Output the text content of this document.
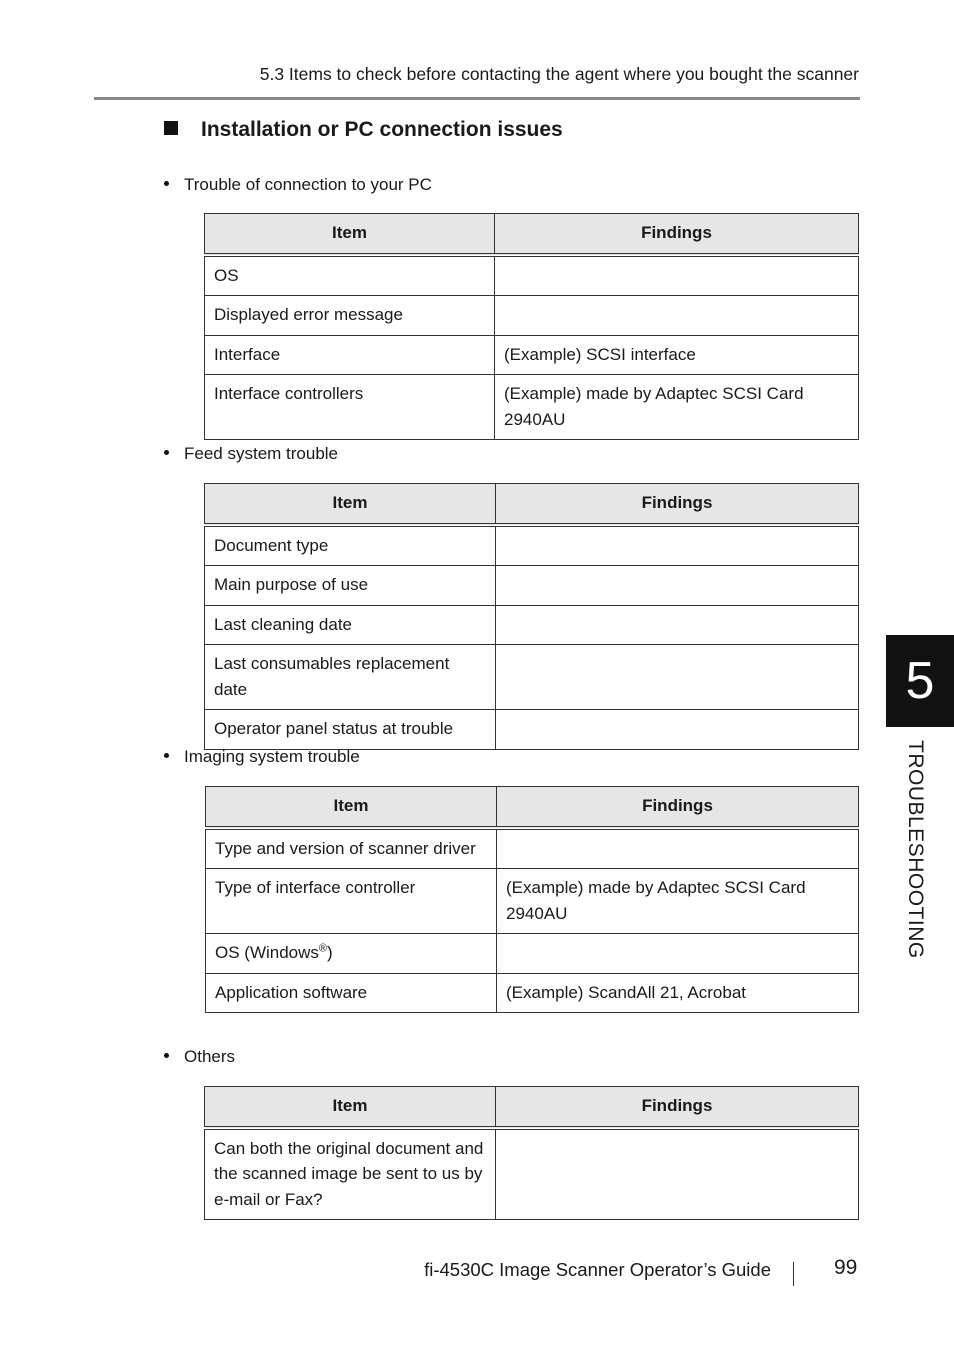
5.3 Items to check before contacting the agent where you bought the scanner
Installation or PC connection issues
Trouble of connection to your PC
Item	Findings
OS	
Displayed error message	
Interface	(Example) SCSI interface
Interface controllers	(Example) made by Adaptec SCSI Card 2940AU
Feed system trouble
Item	Findings
Document type	
Main purpose of use	
Last cleaning date	
Last consumables replacement date	
Operator panel status at trouble	
Imaging system trouble
Item	Findings
Type and version of scanner driver	
Type of interface controller	(Example) made by Adaptec SCSI Card 2940AU
OS (Windows®)	
Application software	(Example) ScandAll 21, Acrobat
Others
Item	Findings
Can both the original document and the scanned image be sent to us by e-mail or Fax?	
5
TROUBLESHOOTING
fi-4530C Image Scanner Operator’s Guide	99
